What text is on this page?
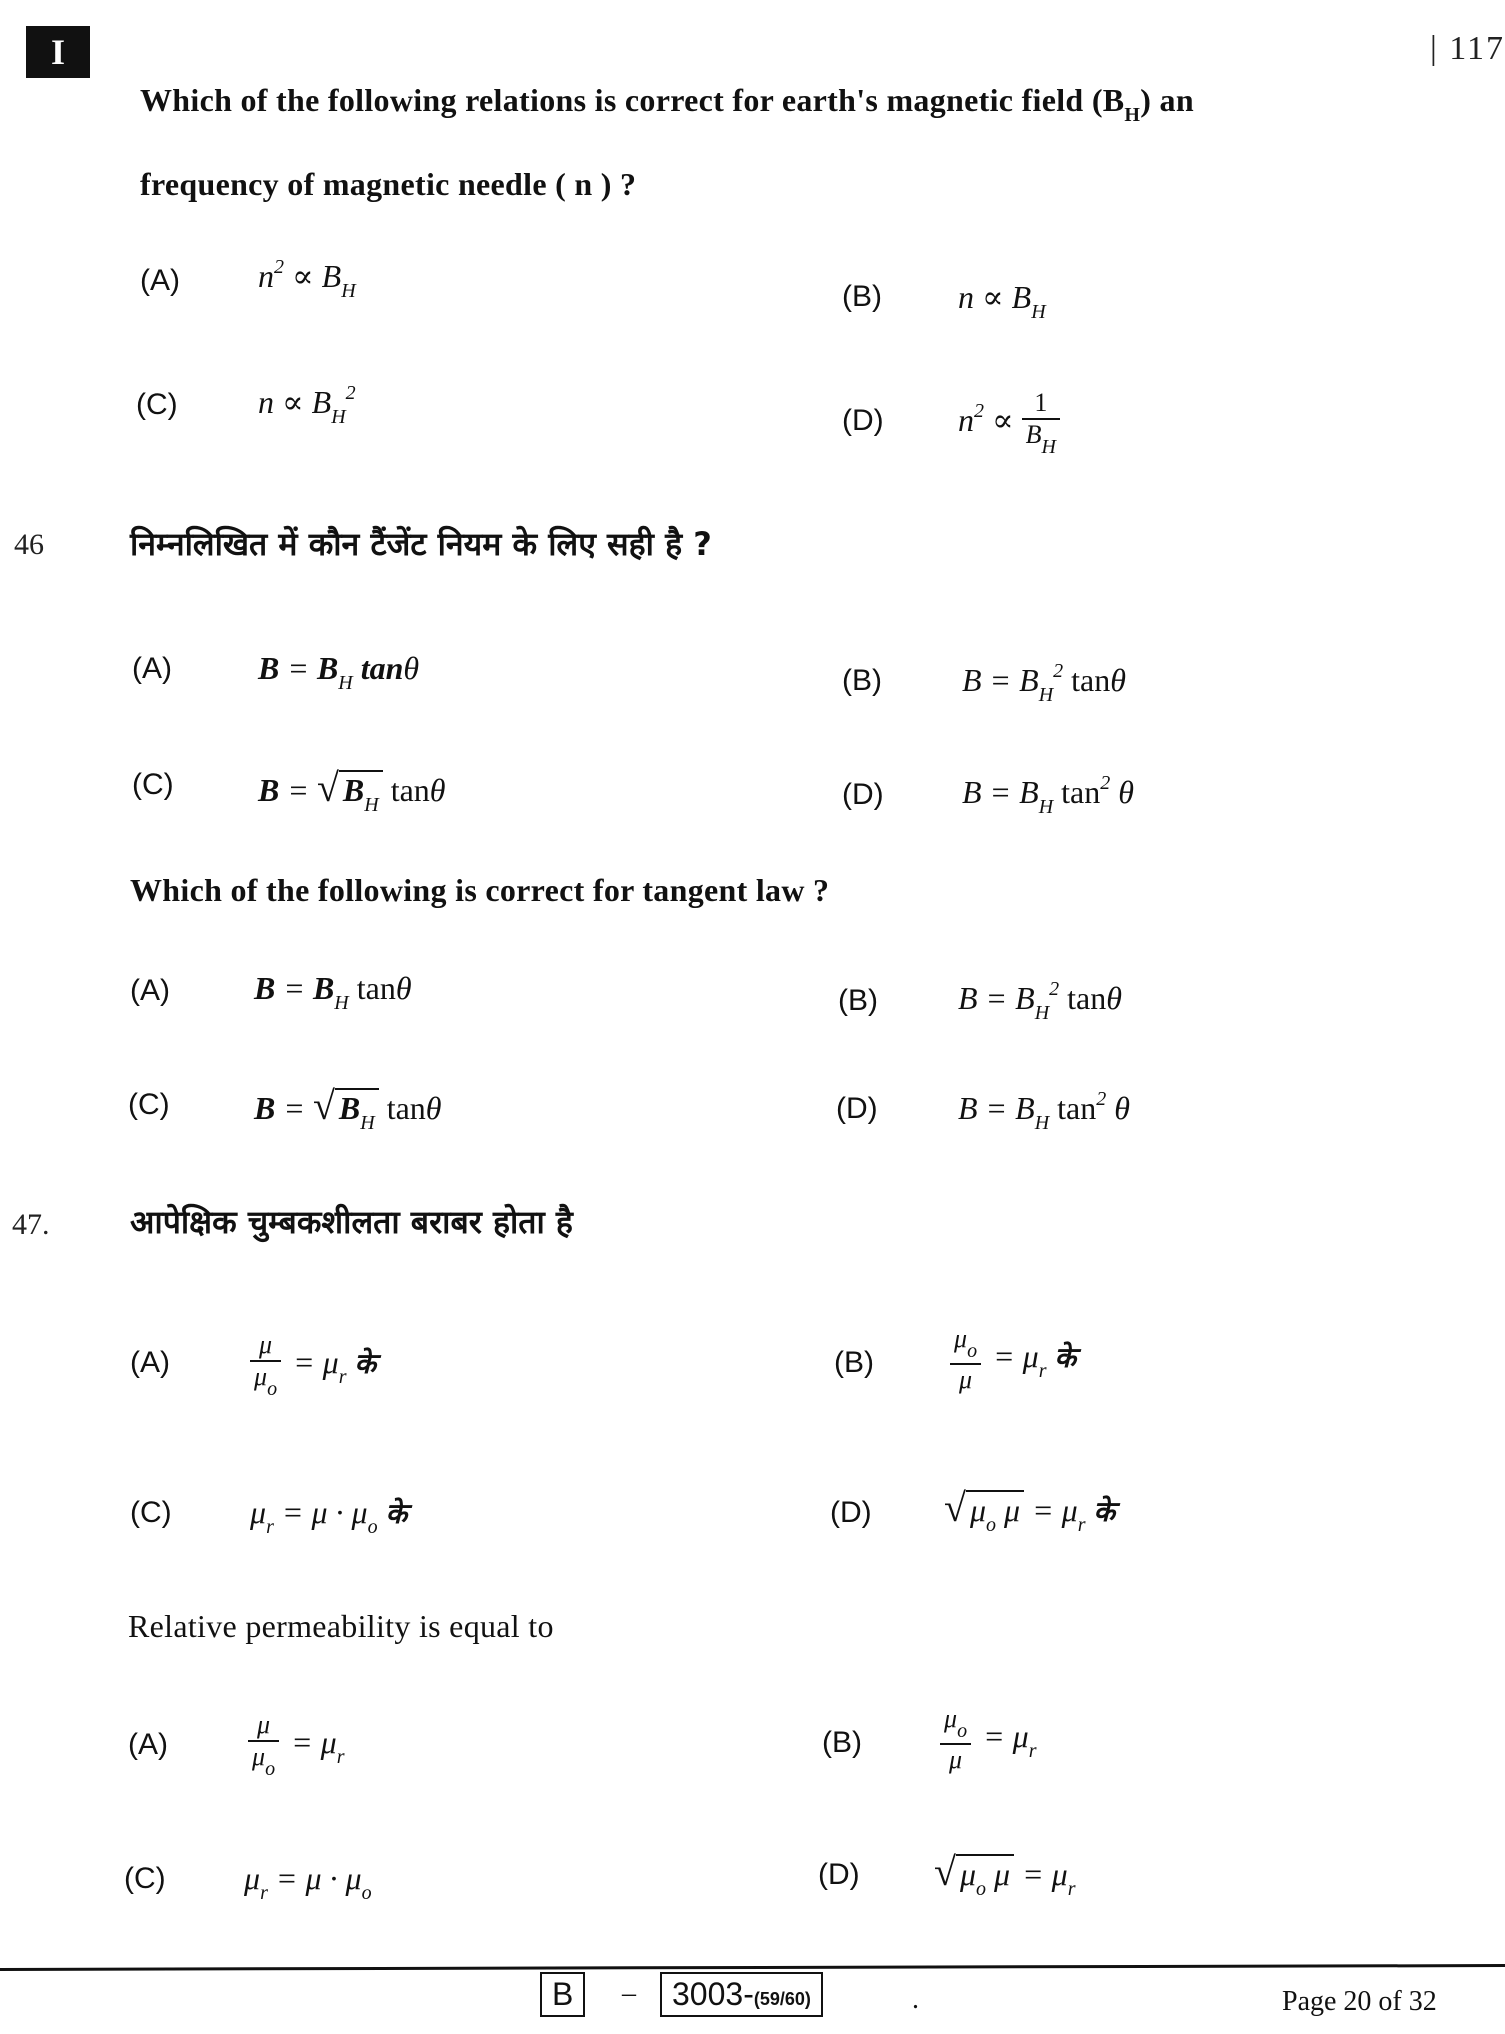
I	| 117
Which of the following relations is correct for earth's magnetic field $(B_H)$ an
frequency of magnetic needle ( n ) ?
(A) $n^2 \propto B_H$	(B) $n \propto B_H$
(C)	$n \propto B_H^2$
(D) $n^2 \propto \frac{1}{B_H}$
46	निम्नलिखित में कौन टैंजेंट नियम के लिए सही है ?
(A)	$B = B_H$ tanθ	(B)	$B = B_H^2$ tanθ
(C)	B = √ $B_H$ tanθ	(D) $B = B_H$ $\tan^2 \theta$
Which of the following is correct for tangent law ?
(A)	$B = B_H$ tanθ	(B)	$B = B_H^2$ tanθ
(C)	B = √ $B_H$ tanθ	(D)	$B = B_H$ $\tan^2 \theta$
47.	आपेक्षिक चुम्बकशीलता बराबर होता है
(A)	$\frac{\mu}{\mu_o} = \mu_r$ के	(B)	$\frac{\mu_o}{\mu} = \mu_r$ के
(C) $\mu_r = \mu \cdot \mu_o$ के	(D) √ $\mu_o$ $\mu = \mu_r$ के
Relative permeability is equal to
(A)	$\frac{\mu}{\mu_o} = \mu_r$	(B)	$\frac{\mu_o}{\mu} = \mu_r$
(C) $\mu_r = \mu \cdot \mu_o$
(D) √ $\mu_o$ $\mu = \mu_r$
B	–	3003-(59/60)	.	Page 20 of 32
